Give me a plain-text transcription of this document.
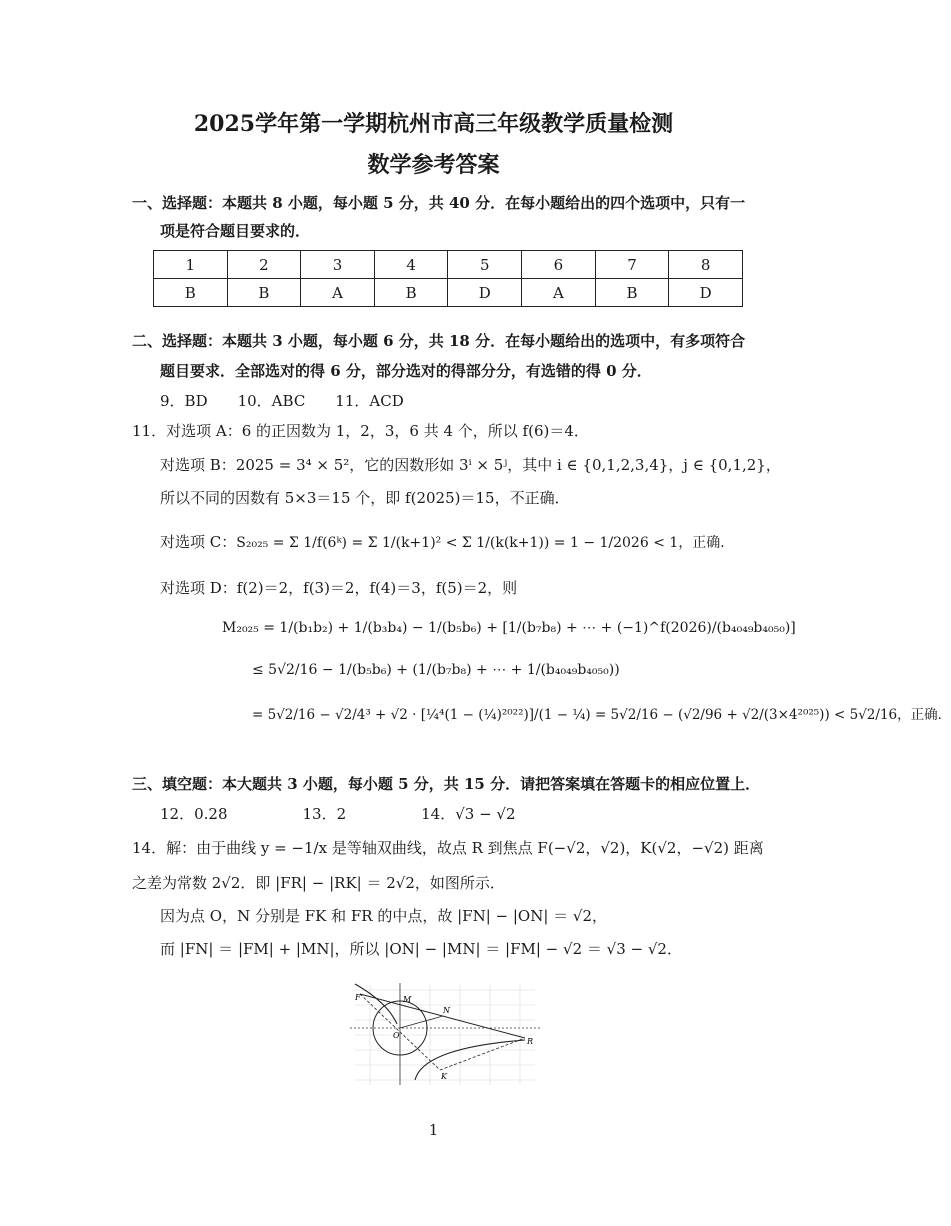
2025学年第一学期杭州市高三年级教学质量检测
数学参考答案
一、选择题：本题共 8 小题，每小题 5 分，共 40 分．在每小题给出的四个选项中，只有一
项是符合题目要求的．
1	2	3	4	5	6	7	8
B	B	A	B	D	A	B	D
二、选择题：本题共 3 小题，每小题 6 分，共 18 分．在每小题给出的选项中，有多项符合
题目要求．全部选对的得 6 分，部分选对的得部分分，有选错的得 0 分．
9．BD　　10．ABC　　11．ACD
11．对选项 A：6 的正因数为 1，2，3，6 共 4 个，所以 f(6)＝4．
对选项 B：2025 = 3⁴ × 5²，它的因数形如 3ⁱ × 5ʲ，其中 i ∈ {0,1,2,3,4}，j ∈ {0,1,2}，
所以不同的因数有 5×3＝15 个，即 f(2025)＝15，不正确．
对选项 C：S₂₀₂₅ = Σ 1/f(6ᵏ) = Σ 1/(k+1)² < Σ 1/(k(k+1)) = 1 − 1/2026 < 1，正确．
对选项 D：f(2)＝2，f(3)＝2，f(4)＝3，f(5)＝2，则
M₂₀₂₅ = 1/(b₁b₂) + 1/(b₃b₄) − 1/(b₅b₆) + [1/(b₇b₈) + ⋯ + (−1)^f(2026)/(b₄₀₄₉b₄₀₅₀)]
≤ 5√2/16 − 1/(b₅b₆) + (1/(b₇b₈) + ⋯ + 1/(b₄₀₄₉b₄₀₅₀))
= 5√2/16 − √2/4³ + √2 · [¼⁴(1 − (¼)²⁰²²)]/(1 − ¼) = 5√2/16 − (√2/96 + √2/(3×4²⁰²⁵)) < 5√2/16，正确．
三、填空题：本大题共 3 小题，每小题 5 分，共 15 分．请把答案填在答题卡的相应位置上．
12．0.28　　　　　13．2　　　　　14．√3 − √2
14．解：由于曲线 y = −1/x 是等轴双曲线，故点 R 到焦点 F(−√2，√2)，K(√2，−√2) 距离
之差为常数 2√2．即 |FR| − |RK| ＝ 2√2，如图所示．
因为点 O，N 分别是 FK 和 FR 的中点，故 |FN| − |ON| ＝ √2，
而 |FN| ＝ |FM| + |MN|，所以 |ON| − |MN| ＝ |FM| − √2 ＝ √3 − √2．
F	M
N
O
R
K
1
